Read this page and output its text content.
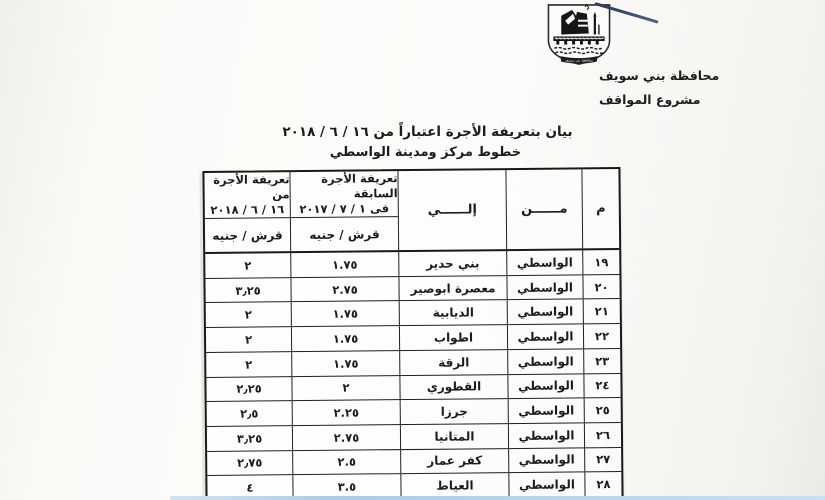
محافظة بني سويف
محافظة بني سويف
مشروع المواقف
بيان بتعريفة الأجرة اعتباراً من ١٦ / ٦ / ٢٠١٨
خطوط مركز ومدينة الواسطي
م
مــــــن
إلــــــي
تعريفة الأجرة السابقة
فى ١ / ٧ / ٢٠١٧
قرش / جنيه
تعريفة الأجرة من
١٦ / ٦ / ٢٠١٨
قرش / جنيه
١٩
الواسطي
بني حدير
١.٧٥
٢
٢٠
الواسطي
معصرة ابوصير
٢.٧٥
٣٫٢٥
٢١
الواسطي
الديابية
١.٧٥
٢
٢٢
الواسطي
اطواب
١.٧٥
٢
٢٣
الواسطي
الرقة
١.٧٥
٢
٢٤
الواسطي
القطوري
٢
٢٫٢٥
٢٥
الواسطي
جرزا
٢.٢٥
٢٫٥
٢٦
الواسطي
المتانيا
٢.٧٥
٣٫٢٥
٢٧
الواسطي
كفر عمار
٢.٥
٢٫٧٥
٢٨
الواسطي
العياط
٣.٥
٤
